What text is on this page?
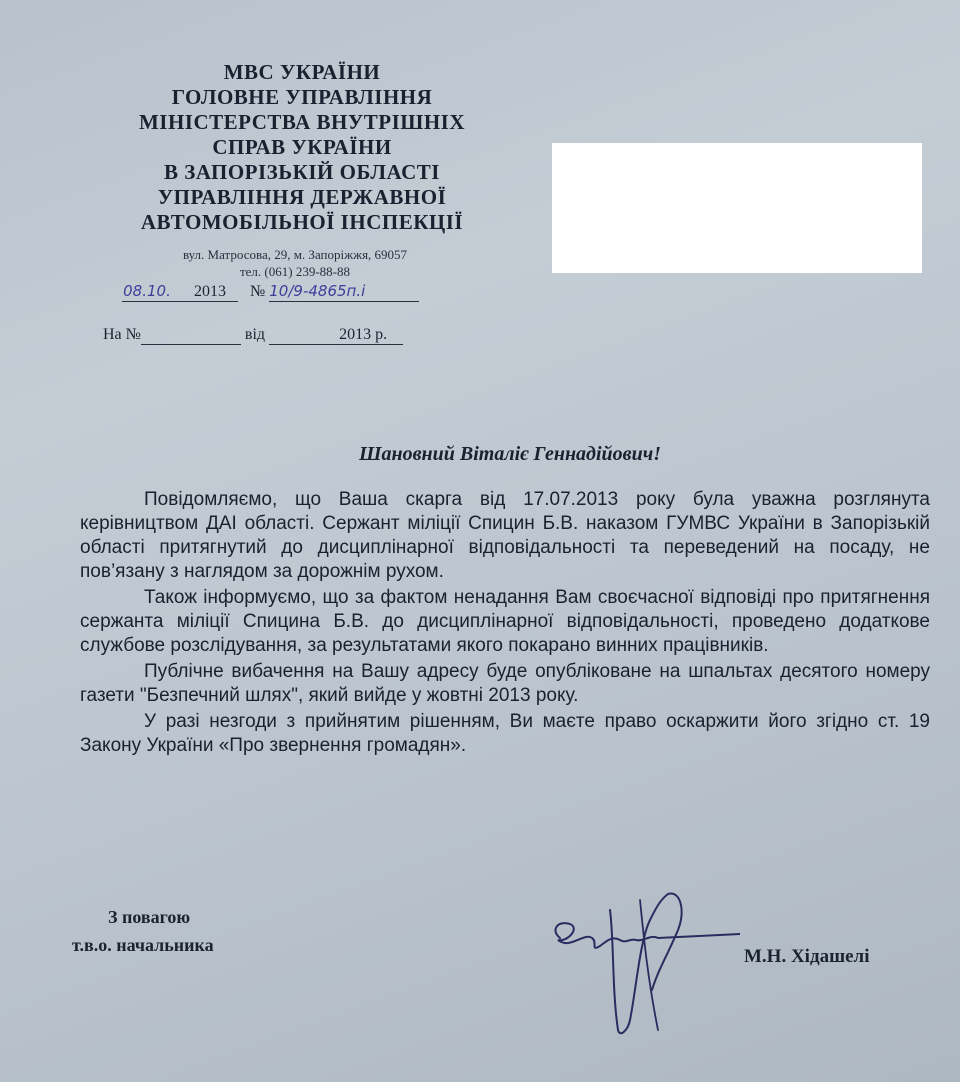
МВС УКРАЇНИ
ГОЛОВНЕ УПРАВЛІННЯ
МІНІСТЕРСТВА ВНУТРІШНІХ
СПРАВ УКРАЇНИ
В ЗАПОРІЗЬКІЙ ОБЛАСТІ
УПРАВЛІННЯ ДЕРЖАВНОЇ
АВТОМОБІЛЬНОЇ ІНСПЕКЦІЇ
вул. Матросова, 29, м. Запоріжжя, 69057
тел. (061) 239-88-88
08.10. 2013 № 10/9-4865п.і
На №	від	2013 р.
Шановний Віталіє Геннадійович!

Повідомляємо, що Ваша скарга від 17.07.2013 року була уважна розглянута керівництвом ДАІ області. Сержант міліції Спицин Б.В. наказом ГУМВС України в Запорізькій області притягнутий до дисциплінарної відповідальності та переведений на посаду, не пов’язану з наглядом за дорожнім рухом.

Також інформуємо, що за фактом ненадання Вам своєчасної відповіді про притягнення сержанта міліції Спицина Б.В. до дисциплінарної відповідальності, проведено додаткове службове розслідування, за результатами якого покарано винних працівників.

Публічне вибачення на Вашу адресу буде опубліковане на шпальтах десятого номеру газети "Безпечний шлях", який вийде у жовтні 2013 року.

У разі незгоди з прийнятим рішенням, Ви маєте право оскаржити його згідно ст. 19 Закону України «Про звернення громадян».

З повагою
т.в.о. начальника
М.Н. Хідашелі
